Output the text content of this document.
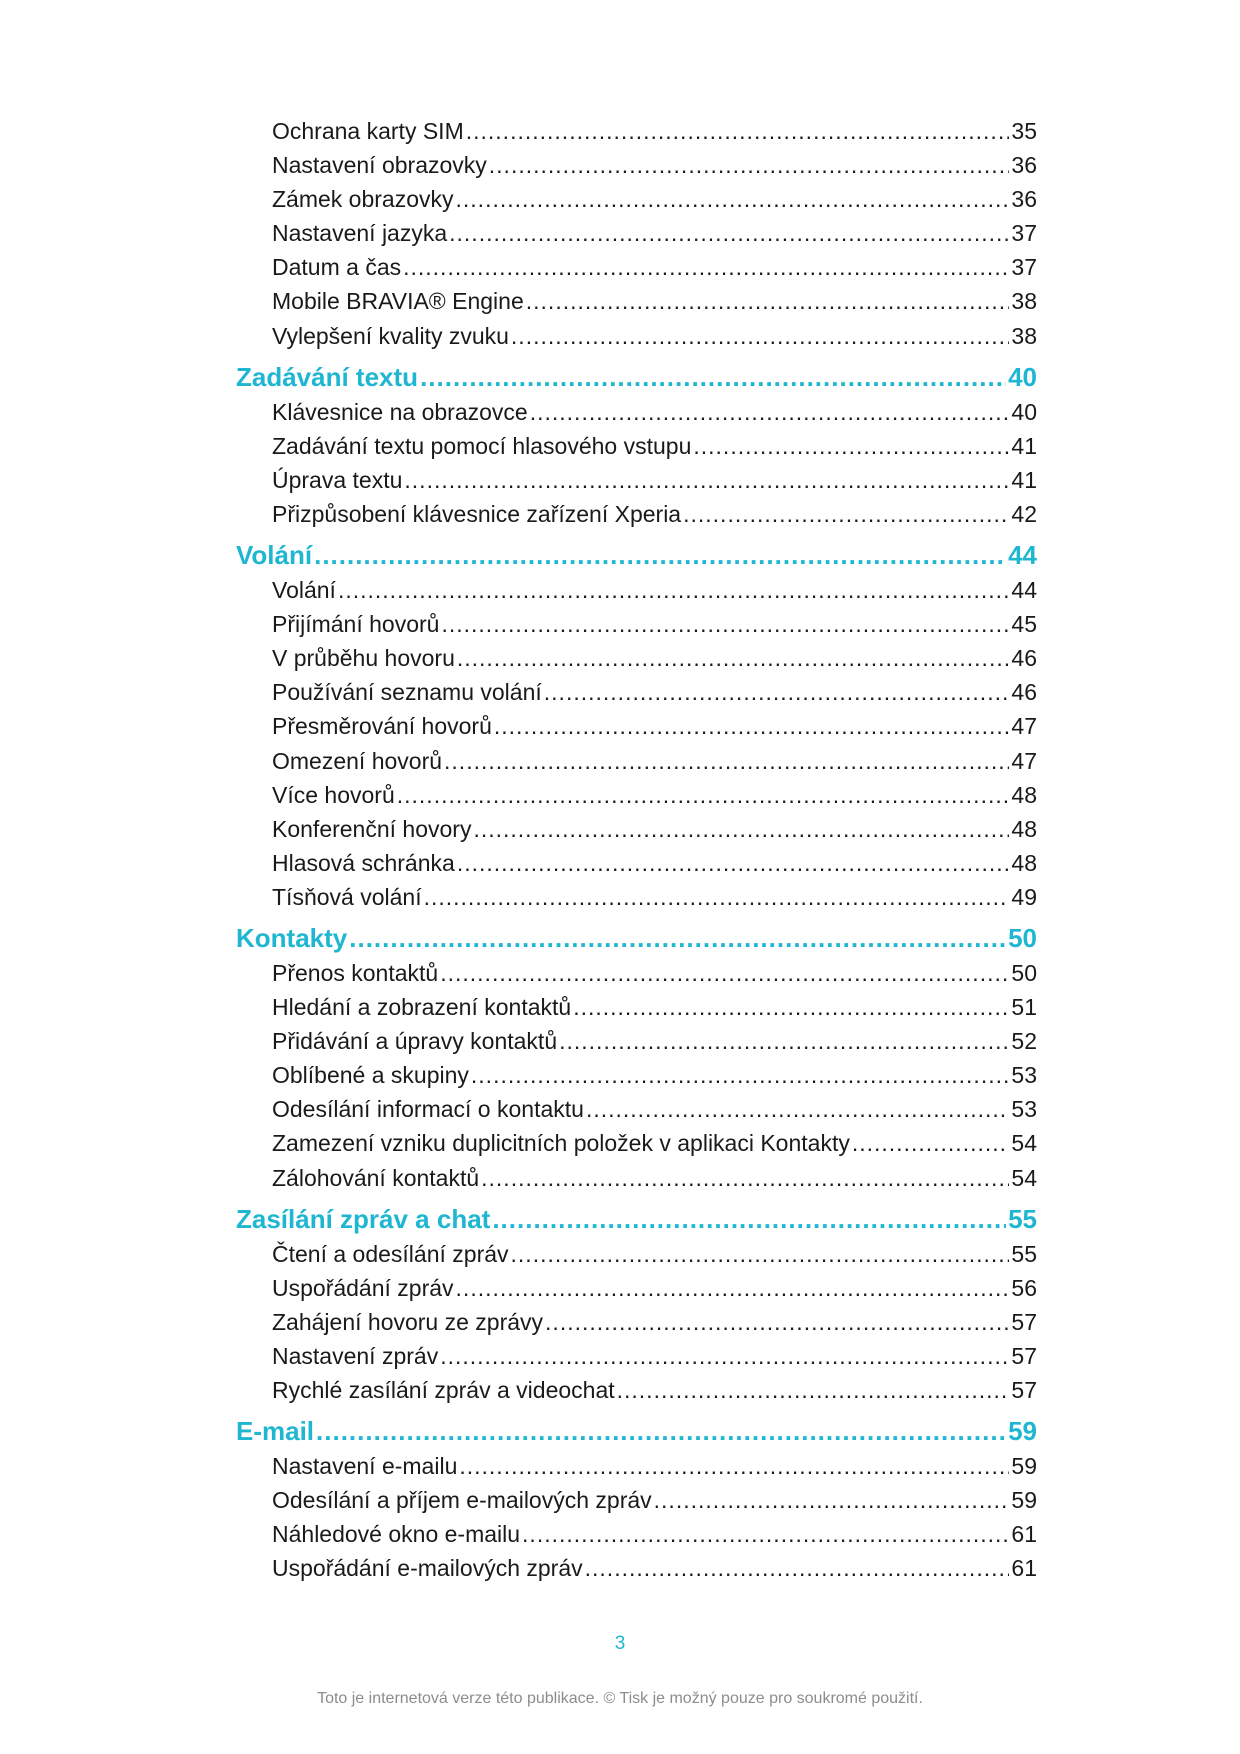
Ochrana karty SIM .....	35
Nastavení obrazovky .....	36
Zámek obrazovky .....	36
Nastavení jazyka .....	37
Datum a čas .....	37
Mobile BRAVIA® Engine .....	38
Vylepšení kvality zvuku .....	38
Zadávání textu .....	40
Klávesnice na obrazovce .....	40
Zadávání textu pomocí hlasového vstupu .....	41
Úprava textu .....	41
Přizpůsobení klávesnice zařízení Xperia .....	42
Volání .....	44
Volání .....	44
Přijímání hovorů .....	45
V průběhu hovoru .....	46
Používání seznamu volání .....	46
Přesměrování hovorů .....	47
Omezení hovorů .....	47
Více hovorů .....	48
Konferenční hovory .....	48
Hlasová schránka .....	48
Tísňová volání .....	49
Kontakty .....	50
Přenos kontaktů .....	50
Hledání a zobrazení kontaktů .....	51
Přidávání a úpravy kontaktů .....	52
Oblíbené a skupiny .....	53
Odesílání informací o kontaktu .....	53
Zamezení vzniku duplicitních položek v aplikaci Kontakty .....	54
Zálohování kontaktů .....	54
Zasílání zpráv a chat .....	55
Čtení a odesílání zpráv .....	55
Uspořádání zpráv .....	56
Zahájení hovoru ze zprávy .....	57
Nastavení zpráv .....	57
Rychlé zasílání zpráv a videochat .....	57
E-mail .....	59
Nastavení e-mailu .....	59
Odesílání a příjem e-mailových zpráv .....	59
Náhledové okno e-mailu .....	61
Uspořádání e-mailových zpráv .....	61
3
Toto je internetová verze této publikace. © Tisk je možný pouze pro soukromé použití.
